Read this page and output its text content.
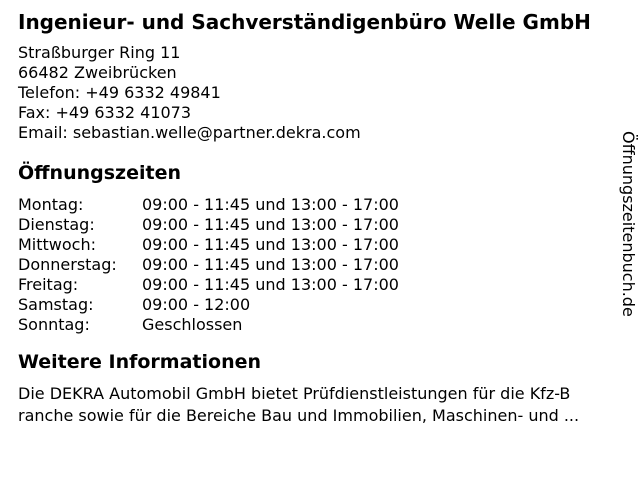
Ingenieur- und Sachverständigenbüro Welle GmbH
Straßburger Ring 11
66482 Zweibrücken
Telefon: +49 6332 49841
Fax: +49 6332 41073
Email: sebastian.welle@partner.dekra.com
Öffnungszeiten
Montag:	09:00 - 11:45 und 13:00 - 17:00
Dienstag:	09:00 - 11:45 und 13:00 - 17:00
Mittwoch:	09:00 - 11:45 und 13:00 - 17:00
Donnerstag:	09:00 - 11:45 und 13:00 - 17:00
Freitag:	09:00 - 11:45 und 13:00 - 17:00
Samstag:	09:00 - 12:00
Sonntag:	Geschlossen
Weitere Informationen
Die DEKRA Automobil GmbH bietet Prüfdienstleistungen für die Kfz-B
ranche sowie für die Bereiche Bau und Immobilien, Maschinen- und ...
Öffnungszeitenbuch.de
